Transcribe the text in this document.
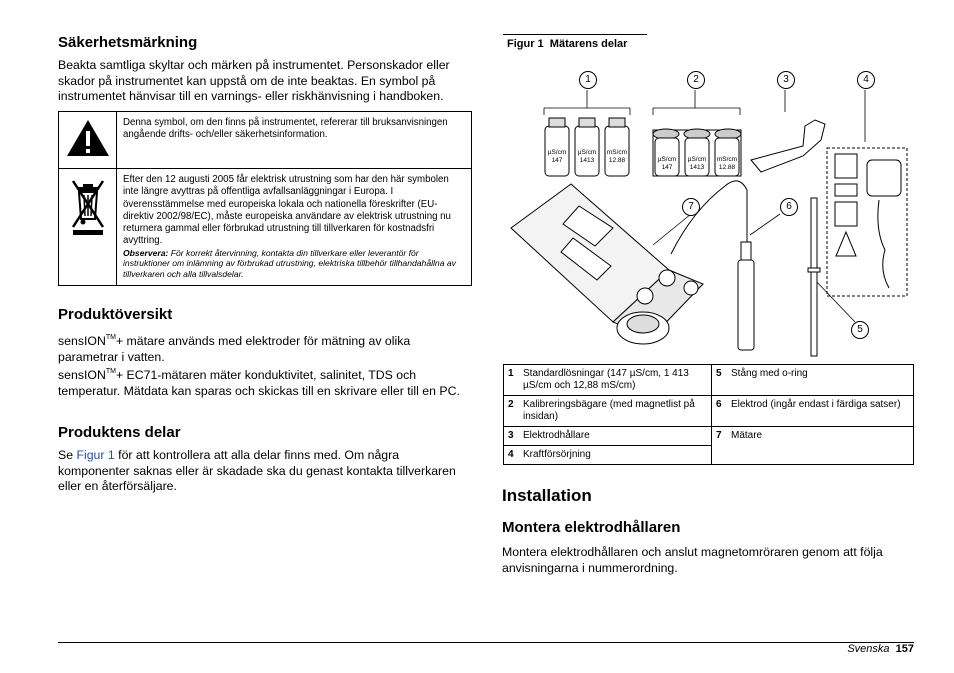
Säkerhetsmärkning

Beakta samtliga skyltar och märken på instrumentet. Personskador eller skador på instrumentet kan uppstå om de inte beaktas. En symbol på instrumentet hänvisar till en varnings- eller riskhänvisning i handboken.

	Denna symbol, om den finns på instrumentet, refererar till bruksanvisningen angående drifts- och/eller säkerhetsinformation.

Efter den 12 augusti 2005 får elektrisk utrustning som har den här symbolen inte längre avyttras på offentliga avfallsanläggningar i Europa. I överensstämmelse med europeiska lokala och nationella föreskrifter (EU-direktiv 2002/98/EC), måste europeiska användare av elektrisk utrustning nu returnera gammal eller förbrukad utrustning till tillverkaren för kostnadsfri avyttring.
Observera: För korrekt återvinning, kontakta din tillverkare eller leverantör för instruktioner om inlämning av förbrukad utrustning, elektriska tillbehör tillhandahållna av tillverkaren och alla tillvalsdelar.
Produktöversikt

sensION™+ mätare används med elektroder för mätning av olika parametrar i vatten.

sensION™+ EC71-mätaren mäter konduktivitet, salinitet, TDS och temperatur. Mätdata kan sparas och skickas till en skrivare eller till en PC.

Produktens delar

Se Figur 1 för att kontrollera att alla delar finns med. Om några komponenter saknas eller är skadade ska du genast kontakta tillverkaren eller en återförsäljare.

Figur 1 Mätarens delar
µS/cm
147
µS/cm
1413
mS/cm
12.88	µS/cm
147
µS/cm
1413
mS/cm
12.88
1	2	3	4
5
6
7
1	Standardlösningar (147 µS/cm, 1 413 µS/cm och 12,88 mS/cm)	5	Stång med o-ring
2	Kalibreringsbägare (med magnetlist på insidan)	6	Elektrod (ingår endast i färdiga satser)
3	Elektrodhållare	7	Mätare
4	Kraftförsörjning		
Installation
Montera elektrodhållaren

Montera elektrodhållaren och anslut magnetomröraren genom att följa anvisningarna i nummerordning.

Svenska 157
